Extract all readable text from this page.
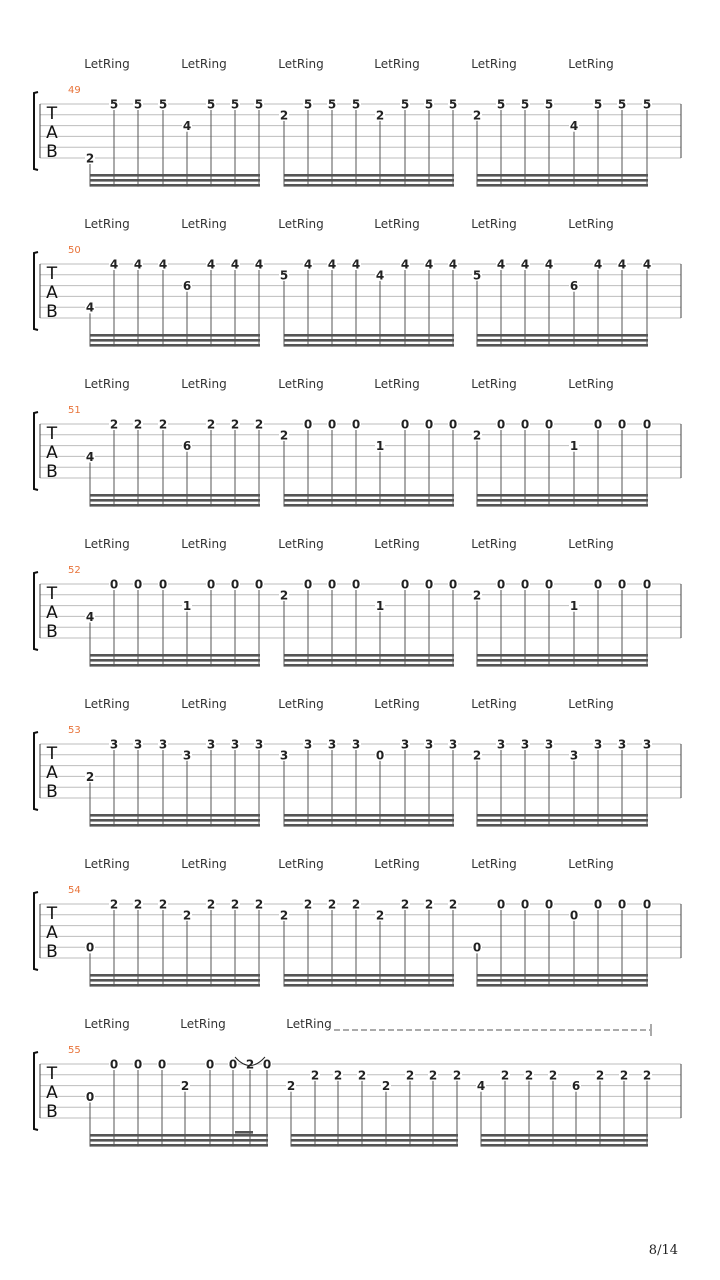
LetRing	LetRing	LetRing	LetRing	LetRing	LetRing
T
A
B
49
2
5 5 5
4
5 5 5
2
5 5 5
2
5 5 5
2
5 5 5
4
5 5 5
LetRing	LetRing	LetRing	LetRing	LetRing	LetRing
T
A
B
50
4
4 4 4
6
4 4 4
5
4 4 4
4
4 4 4
5
4 4 4
6
4 4 4
LetRing	LetRing	LetRing	LetRing	LetRing	LetRing
T
A
B
51
4
2 2 2
6
2 2 2
2
0 0 0
1
0 0 0
2
0 0 0
1
0 0 0
LetRing	LetRing	LetRing	LetRing	LetRing	LetRing
T
A
B
52
4
0 0 0
1
0 0 0
2
0 0 0
1
0 0 0
2
0 0 0
1
0 0 0
LetRing	LetRing	LetRing	LetRing	LetRing	LetRing
T
A
B
53
2
3 3 3
3
3 3 3
3
3 3 3
0
3 3 3
2
3 3 3
3
3 3 3
LetRing	LetRing	LetRing	LetRing	LetRing	LetRing
T
A
B
54
0
2 2 2
2
2 2 2
2
2 2 2
2
2 2 2
0
0 0 0
0
0 0 0
LetRing	LetRing	LetRing
T
A
B
55
0
0 0 0
2
0 0 2 0
2
2 2 2
2
2 2 2
4
2 2 2
6
2 2 2
8/14
